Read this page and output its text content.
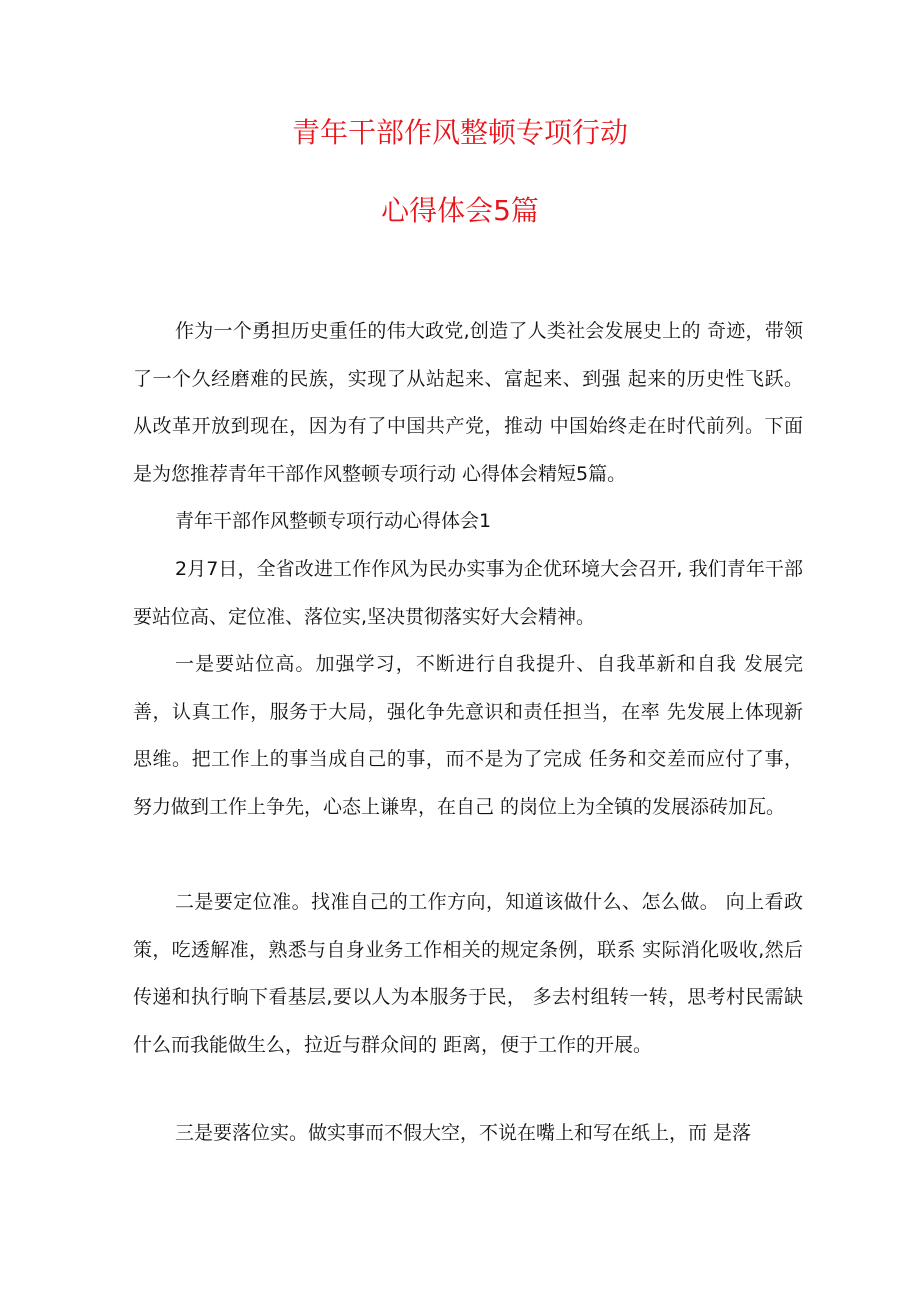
青年干部作风整顿专项行动
心得体会5篇

作为一个勇担历史重任的伟大政党,创造了人类社会发展史上的 奇迹，带领了一个久经磨难的民族，实现了从站起来、富起来、到强 起来的历史性飞跃。从改革开放到现在，因为有了中国共产党，推动 中国始终走在时代前列。下面是为您推荐青年干部作风整顿专项行动 心得体会精短5篇。

青年干部作风整顿专项行动心得体会1

2月7日，全省改进工作作风为民办实事为企优环境大会召开, 我们青年干部要站位高、定位准、落位实,坚决贯彻落实好大会精神。

一是要站位高。加强学习，不断进行自我提升、自我革新和自我 发展完善，认真工作，服务于大局，强化争先意识和责任担当，在率 先发展上体现新思维。把工作上的事当成自己的事，而不是为了完成 任务和交差而应付了事，努力做到工作上争先，心态上谦卑，在自己 的岗位上为全镇的发展添砖加瓦。

二是要定位准。找准自己的工作方向，知道该做什么、怎么做。 向上看政策，吃透解准，熟悉与自身业务工作相关的规定条例，联系 实际消化吸收,然后传递和执行晌下看基层,要以人为本服务于民， 多去村组转一转，思考村民需缺什么而我能做生么，拉近与群众间的 距离，便于工作的开展。

三是要落位实。做实事而不假大空，不说在嘴上和写在纸上，而 是落
